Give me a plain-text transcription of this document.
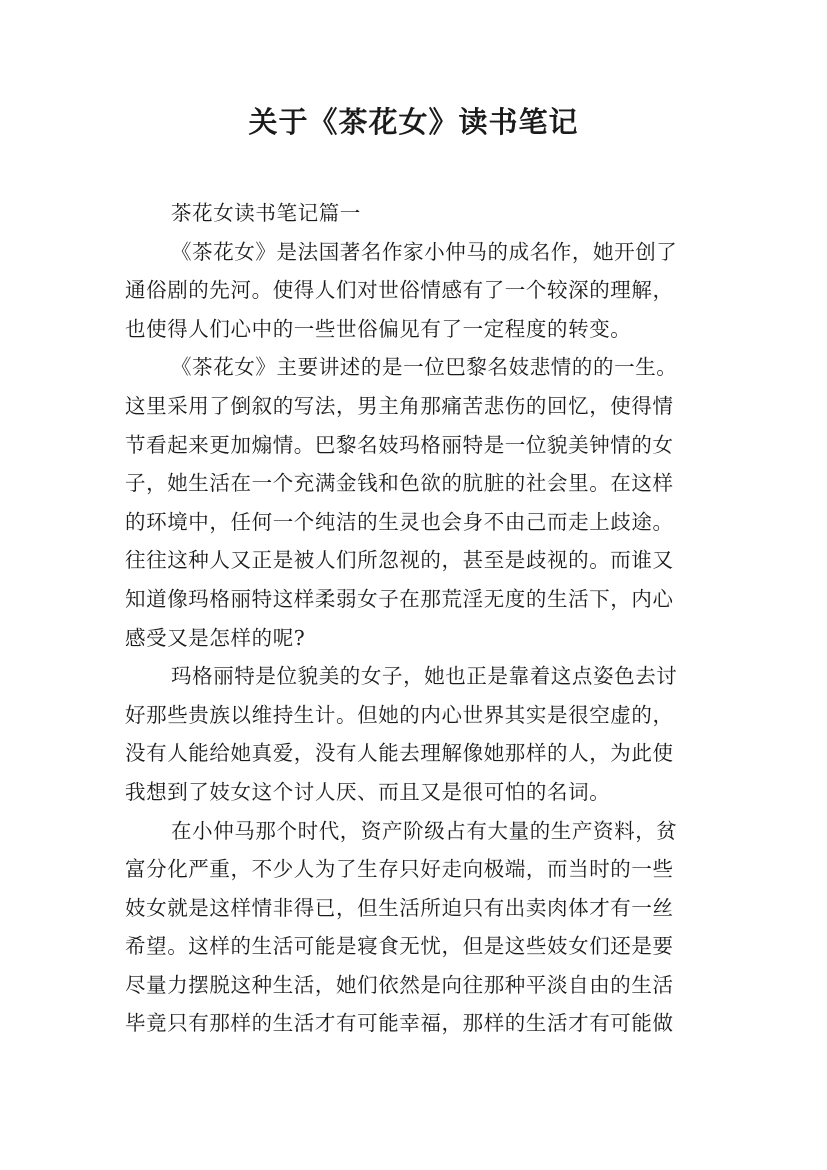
关于《茶花女》读书笔记
茶花女读书笔记篇一
《茶花女》是法国著名作家小仲马的成名作，她开创了
通俗剧的先河。使得人们对世俗情感有了一个较深的理解，
也使得人们心中的一些世俗偏见有了一定程度的转变。
《茶花女》主要讲述的是一位巴黎名妓悲情的的一生。
这里采用了倒叙的写法，男主角那痛苦悲伤的回忆，使得情
节看起来更加煽情。巴黎名妓玛格丽特是一位貌美钟情的女
子，她生活在一个充满金钱和色欲的肮脏的社会里。在这样
的环境中，任何一个纯洁的生灵也会身不由己而走上歧途。
往往这种人又正是被人们所忽视的，甚至是歧视的。而谁又
知道像玛格丽特这样柔弱女子在那荒淫无度的生活下，内心
感受又是怎样的呢?
玛格丽特是位貌美的女子，她也正是靠着这点姿色去讨
好那些贵族以维持生计。但她的内心世界其实是很空虚的，
没有人能给她真爱，没有人能去理解像她那样的人，为此使
我想到了妓女这个讨人厌、而且又是很可怕的名词。
在小仲马那个时代，资产阶级占有大量的生产资料，贫
富分化严重，不少人为了生存只好走向极端，而当时的一些
妓女就是这样情非得已，但生活所迫只有出卖肉体才有一丝
希望。这样的生活可能是寝食无忧，但是这些妓女们还是要
尽量力摆脱这种生活，她们依然是向往那种平淡自由的生活
毕竟只有那样的生活才有可能幸福，那样的生活才有可能做
